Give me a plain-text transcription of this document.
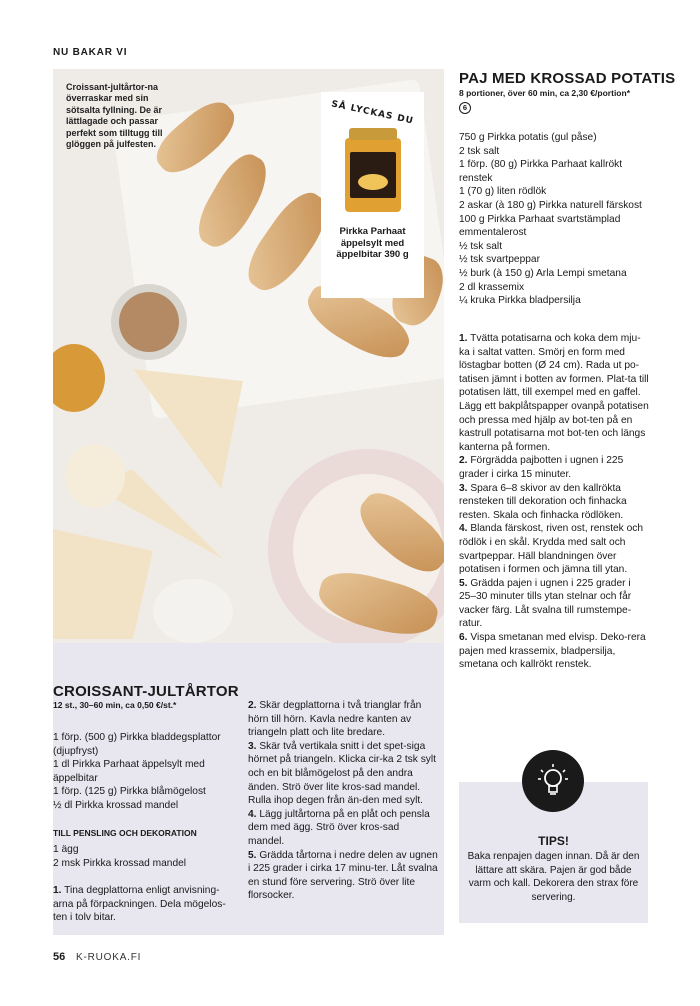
NU BAKAR VI
Croissant-jultårtor-na överraskar med sin sötsalta fyllning. De är lättlagade och passar perfekt som tilltugg till glöggen på julfesten.
SÅ LYCKAS DU
Pirkka Parhaat äppelsylt med äppelbitar 390 g
CROISSANT-JULTÅRTOR
12 st., 30–60 min, ca 0,50 €/st.*
1 förp. (500 g) Pirkka bladdegsplattor (djupfryst)
1 dl Pirkka Parhaat äppelsylt med äppelbitar
1 förp. (125 g) Pirkka blåmögelost
½ dl Pirkka krossad mandel
TILL PENSLING OCH DEKORATION
1 ägg
2 msk Pirkka krossad mandel

1. Tina degplattorna enligt anvisning-arna på förpackningen. Dela mögelos-ten i tolv bitar.

2. Skär degplattorna i två trianglar från hörn till hörn. Kavla nedre kanten av triangeln platt och lite bredare.

3. Skär två vertikala snitt i det spet-siga hörnet på triangeln. Klicka cir-ka 2 tsk sylt och en bit blåmögelost på den andra änden. Strö över lite kros-sad mandel. Rulla ihop degen från än-den med sylt.

4. Lägg jultårtorna på en plåt och pensla dem med ägg. Strö över kros-sad mandel.

5. Grädda tårtorna i nedre delen av ugnen i 225 grader i cirka 17 minu-ter. Låt svalna en stund före servering. Strö över lite florsocker.

PAJ MED KROSSAD POTATIS
8 portioner, över 60 min, ca 2,30 €/portion*
6
750 g Pirkka potatis (gul påse)
2 tsk salt
1 förp. (80 g) Pirkka Parhaat kallrökt renstek
1 (70 g) liten rödlök
2 askar (à 180 g) Pirkka naturell färskost
100 g Pirkka Parhaat svartstämplad emmentalerost
½ tsk salt
½ tsk svartpeppar
½ burk (à 150 g) Arla Lempi smetana
2 dl krassemix
¼ kruka Pirkka bladpersilja

1. Tvätta potatisarna och koka dem mju-ka i saltat vatten. Smörj en form med löstagbar botten (Ø 24 cm). Rada ut po-tatisen jämnt i botten av formen. Plat-ta till potatisen lätt, till exempel med en gaffel. Lägg ett bakplåtspapper ovanpå potatisen och pressa med hjälp av bot-ten på en kastrull potatisarna mot bot-ten och längs kanterna på formen.

2. Förgrädda pajbotten i ugnen i 225 grader i cirka 15 minuter.

3. Spara 6–8 skivor av den kallrökta rensteken till dekoration och finhacka resten. Skala och finhacka rödlöken.

4. Blanda färskost, riven ost, renstek och rödlök i en skål. Krydda med salt och svartpeppar. Häll blandningen över potatisen i formen och jämna till ytan.

5. Grädda pajen i ugnen i 225 grader i 25–30 minuter tills ytan stelnar och får vacker färg. Låt svalna till rumstempe-ratur.

6. Vispa smetanan med elvisp. Deko-rera pajen med krassemix, bladpersilja, smetana och kallrökt renstek.

TIPS!
Baka renpajen dagen innan. Då är den lättare att skära. Pajen är god både varm och kall. Dekorera den strax före servering.
56 K-RUOKA.FI
